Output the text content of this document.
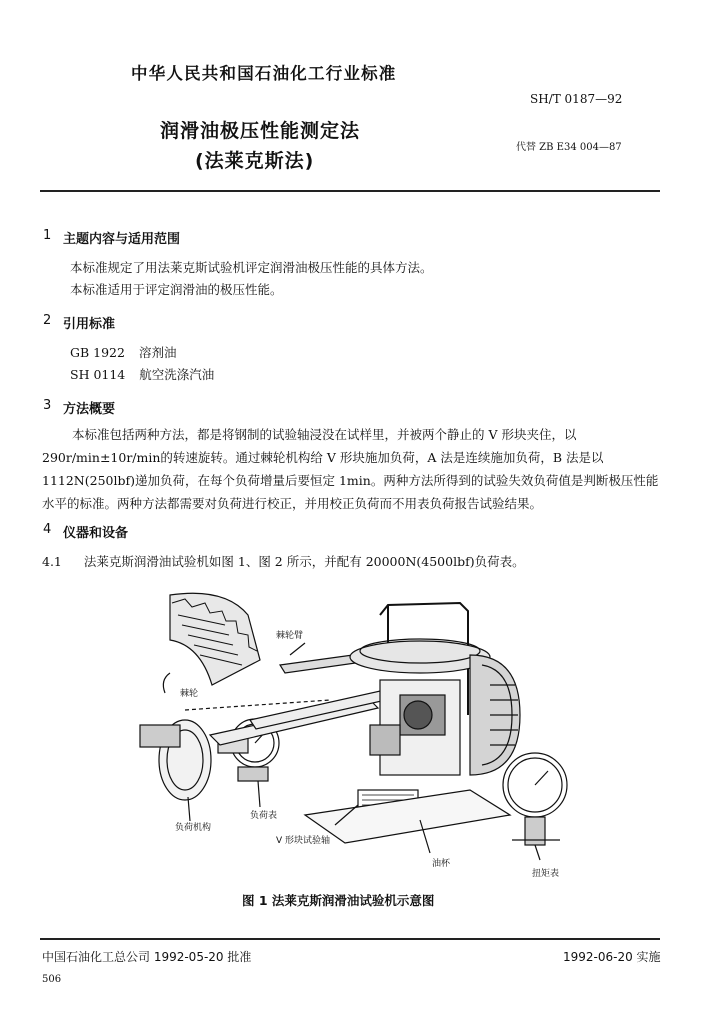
中华人民共和国石油化工行业标准
SH/T 0187—92
润滑油极压性能测定法
(法莱克斯法)
代替 ZB E34 004—87
1 主题内容与适用范围
本标准规定了用法莱克斯试验机评定润滑油极压性能的具体方法。
本标准适用于评定润滑油的极压性能。
2 引用标准
GB 1922 溶剂油
SH 0114 航空洗涤汽油
3 方法概要
本标准包括两种方法，都是将钢制的试验轴浸没在试样里，并被两个静止的 V 形块夹住，以 290r/min±10r/min的转速旋转。通过棘轮机构给 V 形块施加负荷，A 法是连续施加负荷，B 法是以 1112N(250lbf)递加负荷，在每个负荷增量后要恒定 1min。两种方法所得到的试验失效负荷值是判断极压性能水平的标准。两种方法都需要对负荷进行校正，并用校正负荷而不用表负荷报告试验结果。
4 仪器和设备
4.1 法莱克斯润滑油试验机如图 1、图 2 所示，并配有 20000N(4500lbf)负荷表。
棘轮臂
棘轮
负荷机构
负荷表
V 形块试验轴
油杯
扭矩表
图 1 法莱克斯润滑油试验机示意图
中国石油化工总公司 1992-05-20 批准	1992-06-20 实施
506
